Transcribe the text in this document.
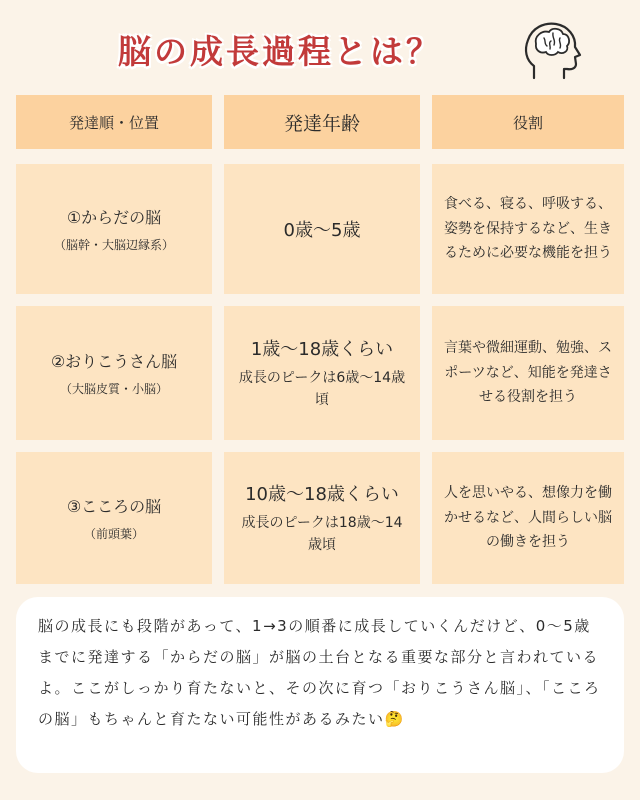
脳の成長過程とは？
発達順・位置	発達年齢	役割
①からだの脳
（脳幹・大脳辺縁系）
0歳～5歳
食べる、寝る、呼吸する、姿勢を保持するなど、生きるために必要な機能を担う
②おりこうさん脳
（大脳皮質・小脳）
1歳～18歳くらい
成長のピークは6歳～14歳頃
言葉や微細運動、勉強、スポーツなど、知能を発達させる役割を担う
③こころの脳
（前頭葉）
10歳～18歳くらい
成長のピークは18歳～14歳頃
人を思いやる、想像力を働かせるなど、人間らしい脳の働きを担う
脳の成長にも段階があって、1→3の順番に成長していくんだけど、0～5歳までに発達する「からだの脳」が脳の土台となる重要な部分と言われているよ。ここがしっかり育たないと、その次に育つ「おりこうさん脳」、「こころの脳」もちゃんと育たない可能性があるみたい🤔
